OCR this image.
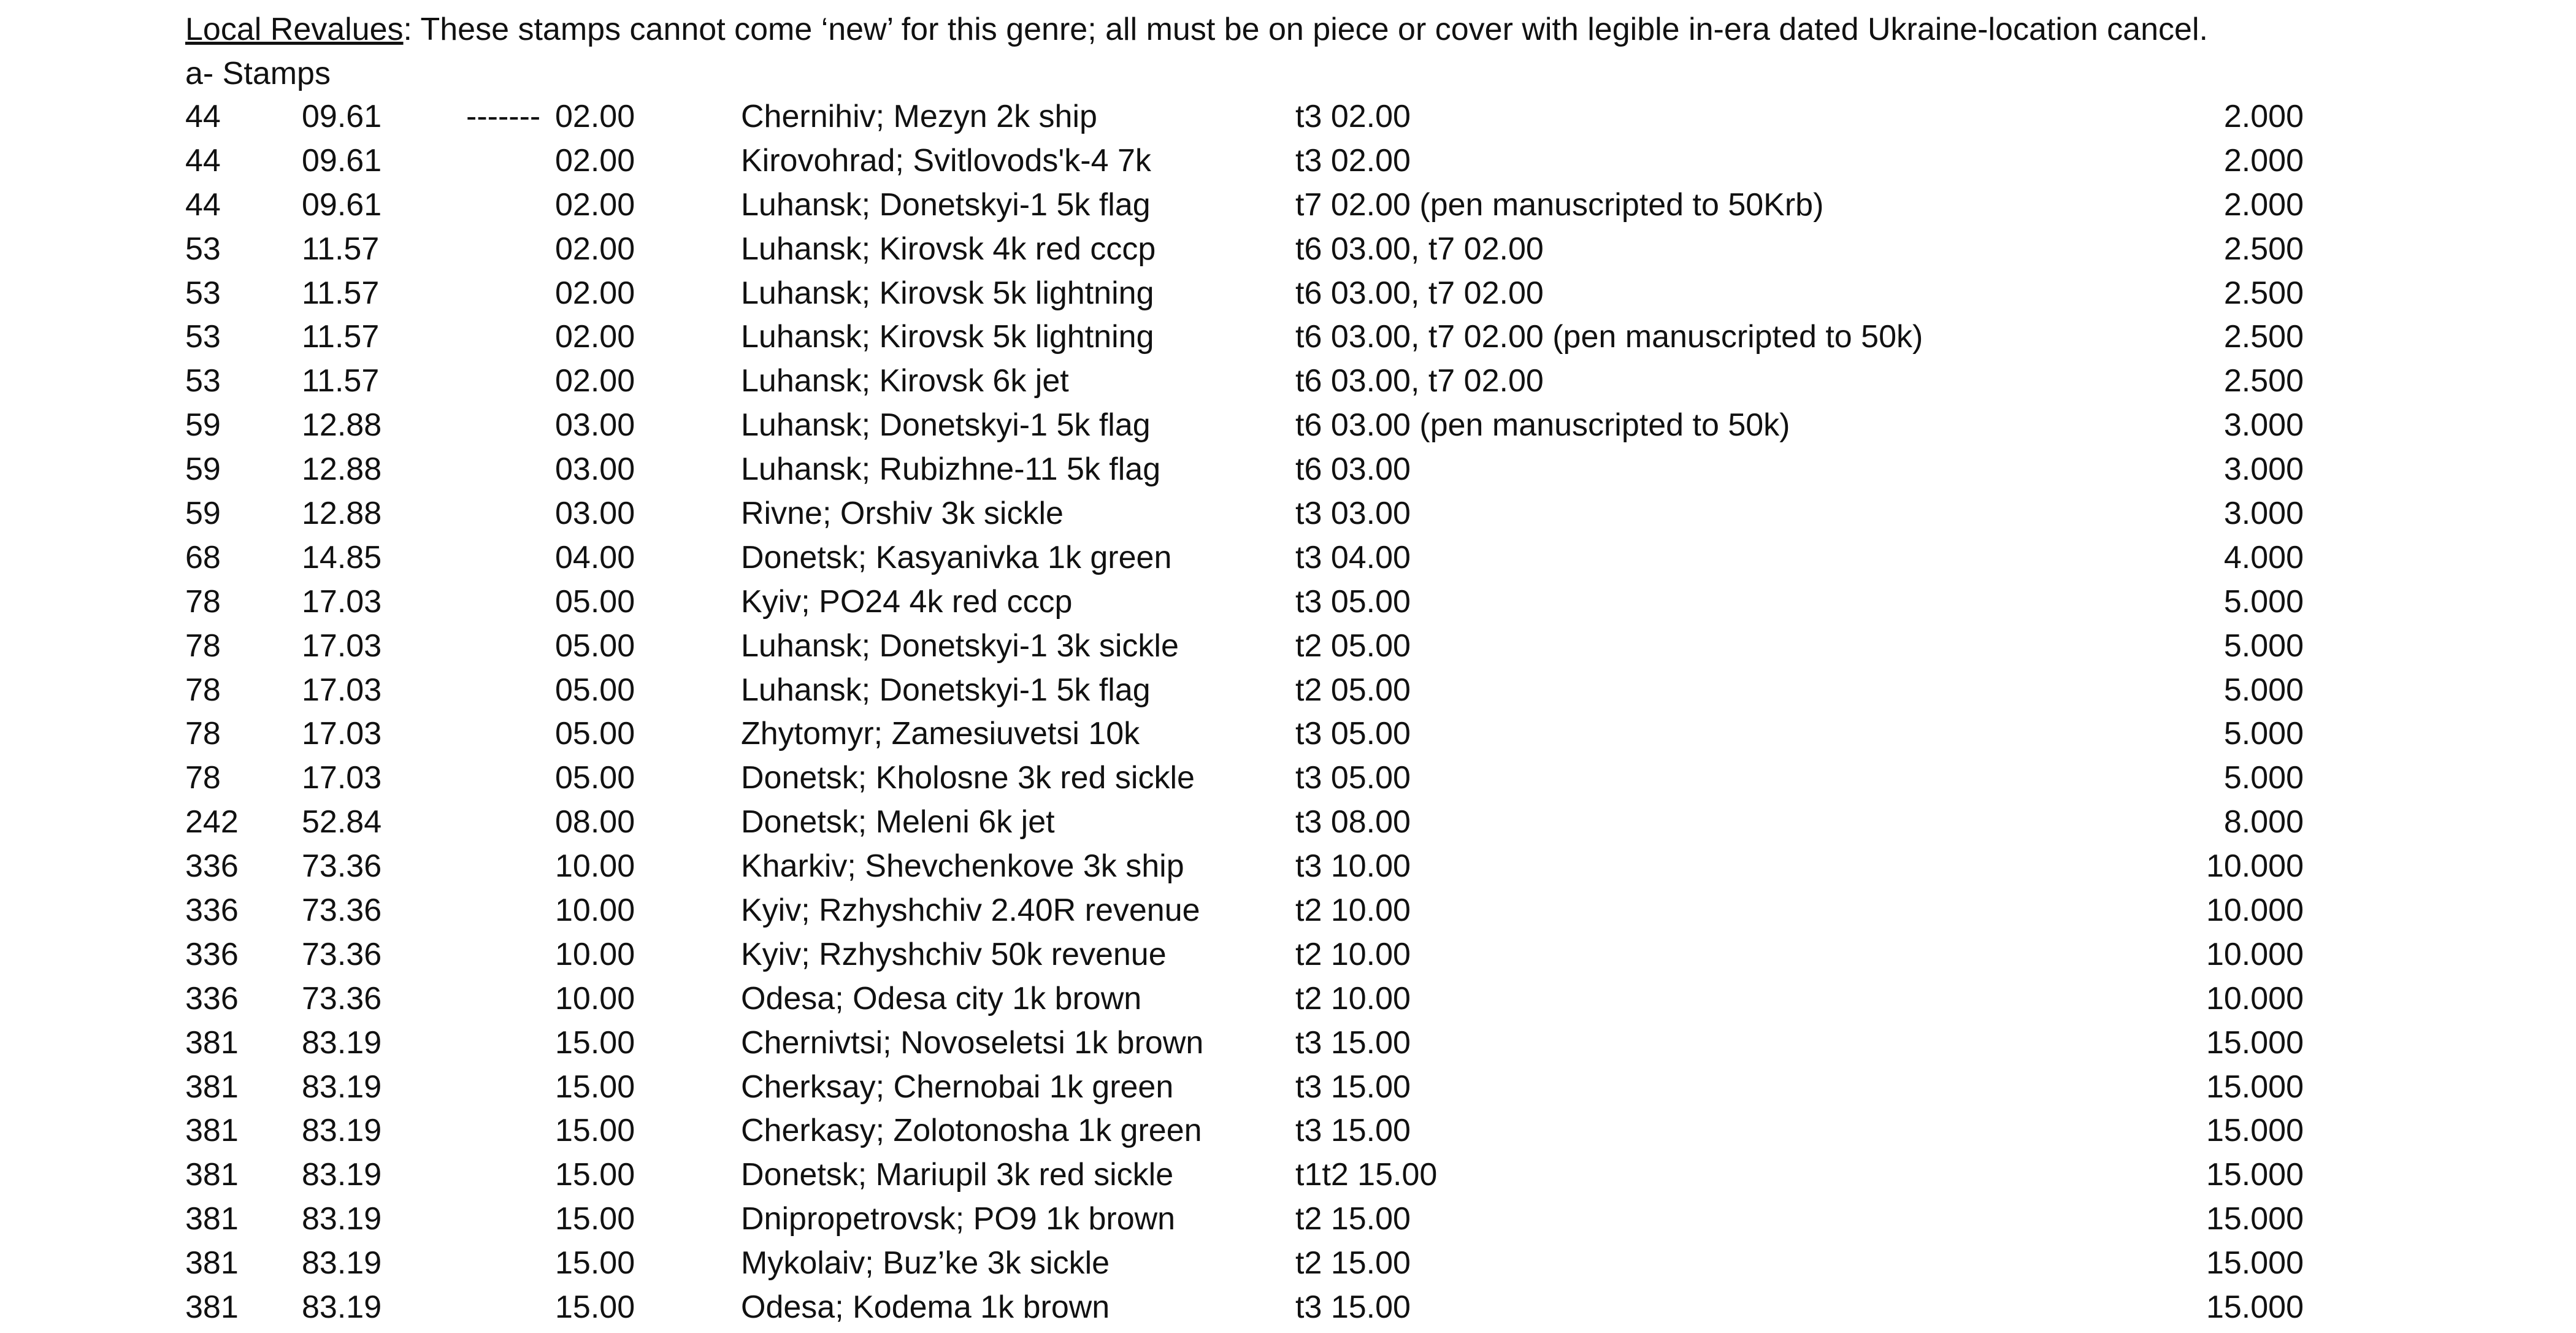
Local Revalues: These stamps cannot come ‘new’ for this genre; all must be on piece or cover with legible in-era dated Ukraine-location cancel.
a- Stamps
44	09.61	------- 02.00	Chernihiv; Mezyn 2k ship	t3 02.00	2.000
44	09.61	02.00	Kirovohrad; Svitlovods'k-4 7k	t3 02.00	2.000
44	09.61	02.00	Luhansk; Donetskyi-1 5k flag	t7 02.00 (pen manuscripted to 50Krb)	2.000
53	11.57	02.00	Luhansk; Kirovsk 4k red cccp	t6 03.00, t7 02.00	2.500
53	11.57	02.00	Luhansk; Kirovsk 5k lightning	t6 03.00, t7 02.00	2.500
53	11.57	02.00	Luhansk; Kirovsk 5k lightning	t6 03.00, t7 02.00 (pen manuscripted to 50k)	2.500
53	11.57	02.00	Luhansk; Kirovsk 6k jet	t6 03.00, t7 02.00	2.500
59	12.88	03.00	Luhansk; Donetskyi-1 5k flag	t6 03.00 (pen manuscripted to 50k)	3.000
59	12.88	03.00	Luhansk; Rubizhne-11 5k flag	t6 03.00	3.000
59	12.88	03.00	Rivne; Orshiv 3k sickle	t3 03.00	3.000
68	14.85	04.00	Donetsk; Kasyanivka 1k green	t3 04.00	4.000
78	17.03	05.00	Kyiv; PO24 4k red cccp	t3 05.00	5.000
78	17.03	05.00	Luhansk; Donetskyi-1 3k sickle	t2 05.00	5.000
78	17.03	05.00	Luhansk; Donetskyi-1 5k flag	t2 05.00	5.000
78	17.03	05.00	Zhytomyr; Zamesiuvetsi 10k	t3 05.00	5.000
78	17.03	05.00	Donetsk; Kholosne 3k red sickle	t3 05.00	5.000
242 52.84	08.00	Donetsk; Meleni 6k jet	t3 08.00	8.000
336 73.36	10.00	Kharkiv; Shevchenkove 3k ship	t3 10.00	10.000
336 73.36	10.00	Kyiv; Rzhyshchiv 2.40R revenue	t2 10.00	10.000
336 73.36	10.00	Kyiv; Rzhyshchiv 50k revenue	t2 10.00	10.000
336 73.36	10.00	Odesa; Odesa city 1k brown	t2 10.00	10.000
381 83.19	15.00	Chernivtsi; Novoseletsi 1k brown	t3 15.00	15.000
381 83.19	15.00	Cherksay; Chernobai 1k green	t3 15.00	15.000
381 83.19	15.00	Cherkasy; Zolotonosha 1k green	t3 15.00	15.000
381 83.19	15.00	Donetsk; Mariupil 3k red sickle	t1t2 15.00	15.000
381 83.19	15.00	Dnipropetrovsk; PO9 1k brown	t2 15.00	15.000
381 83.19	15.00	Mykolaiv; Buz’ke 3k sickle	t2 15.00	15.000
381 83.19	15.00	Odesa; Kodema 1k brown	t3 15.00	15.000
